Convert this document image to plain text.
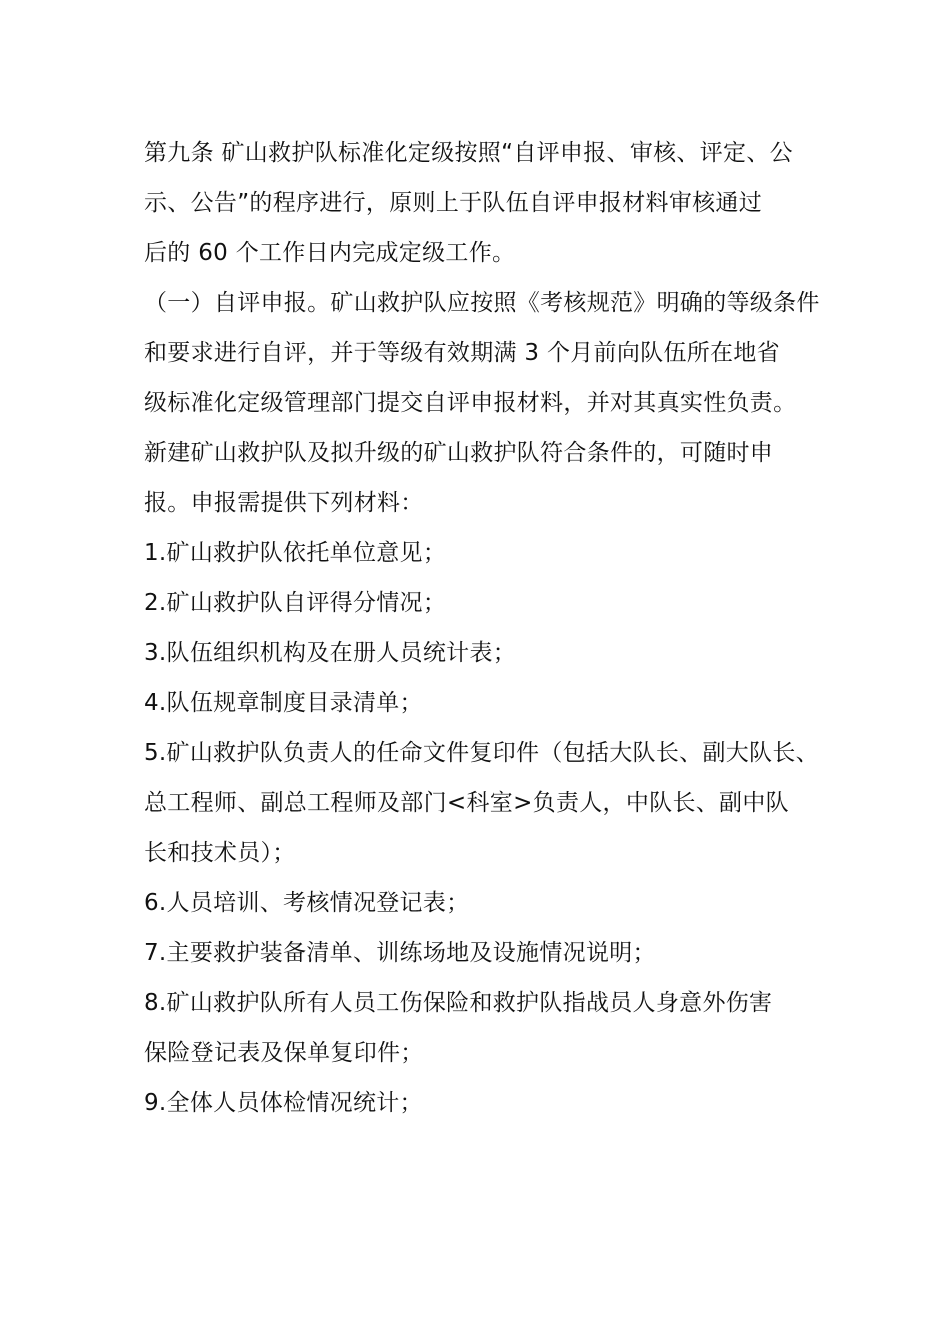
第九条 矿山救护队标准化定级按照“自评申报、审核、评定、公
示、公告”的程序进行，原则上于队伍自评申报材料审核通过
后的 60 个工作日内完成定级工作。
（一）自评申报。矿山救护队应按照《考核规范》明确的等级条件
和要求进行自评，并于等级有效期满 3 个月前向队伍所在地省
级标准化定级管理部门提交自评申报材料，并对其真实性负责。
新建矿山救护队及拟升级的矿山救护队符合条件的，可随时申
报。申报需提供下列材料：
1.矿山救护队依托单位意见；
2.矿山救护队自评得分情况；
3.队伍组织机构及在册人员统计表；
4.队伍规章制度目录清单；
5.矿山救护队负责人的任命文件复印件（包括大队长、副大队长、
总工程师、副总工程师及部门<科室>负责人，中队长、副中队
长和技术员）；
6.人员培训、考核情况登记表；
7.主要救护装备清单、训练场地及设施情况说明；
8.矿山救护队所有人员工伤保险和救护队指战员人身意外伤害
保险登记表及保单复印件；
9.全体人员体检情况统计；
